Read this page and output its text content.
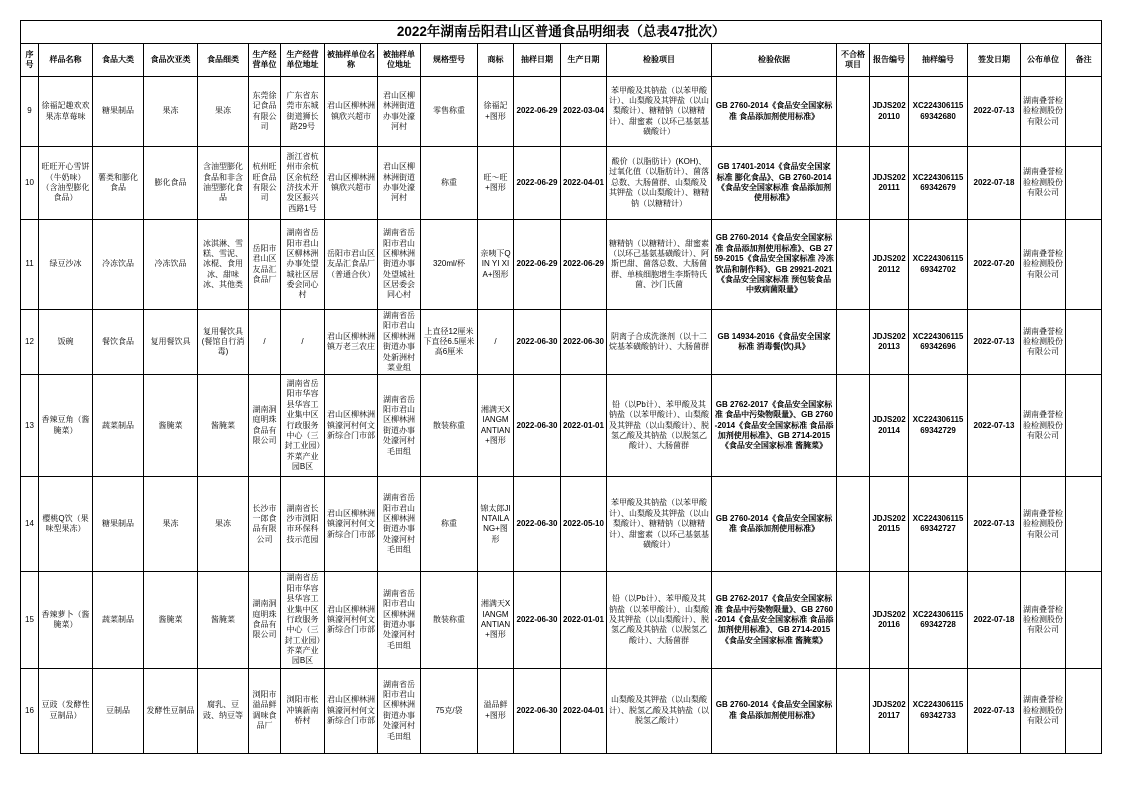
2022年湖南岳阳君山区普通食品明细表（总表47批次）																				
序号	样品名称	食品大类	食品次亚类	食品细类	生产经营单位	生产经营单位地址	被抽样单位名称	被抽样单位地址	规格型号	商标	抽样日期	生产日期	检验项目	检验依据	不合格项目	报告编号	抽样编号	签发日期	公布单位	备注
9	徐福記趣欢欢果冻草莓味	糖果制品	果冻	果冻	东莞徐记食品有限公司	广东省东莞市东城街道狮长路29号	君山区柳林洲镇欣兴超市	君山区柳林洲街道办事处濠河村	零售称重	徐福記+图形	2022-06-29	2022-03-04	苯甲酸及其钠盐（以苯甲酸计）、山梨酸及其钾盐（以山梨酸计）、糖精钠（以糖精计）、甜蜜素（以环己基氨基磺酸计）	GB 2760-2014《食品安全国家标准 食品添加剂使用标准》		JDJS20220110	XC22430611569342680	2022-07-13	湖南叠誉检验检测股份有限公司	
10	旺旺开心雪饼（牛奶味）（含油型膨化食品）	薯类和膨化食品	膨化食品	含油型膨化食品和非含油型膨化食品	杭州旺旺食品有限公司	浙江省杭州市余杭区余杭经济技术开发区振兴西路1号	君山区柳林洲镇欣兴超市	君山区柳林洲街道办事处濠河村	称重	旺～旺+图形	2022-06-29	2022-04-01	酸价（以脂肪计）(KOH)、过氧化值（以脂肪计）、菌落总数、大肠菌群、山梨酸及其钾盐（以山梨酸计）、糖精钠（以糖精计）	GB 17401-2014《食品安全国家标准 膨化食品》、GB 2760-2014《食品安全国家标准 食品添加剂使用标准》		JDJS20220111	XC22430611569342679	2022-07-18	湖南叠誉检验检测股份有限公司	
11	绿豆沙冰	冷冻饮品	冷冻饮品	冰淇淋、雪糕、雪泥、冰棍、食用冰、甜味冰、其他类	岳阳市君山区友品汇食品厂	湖南省岳阳市君山区柳林洲办事处望城社区居委会同心村	岳阳市君山区友品汇食品厂（普通合伙）	湖南省岳阳市君山区柳林洲街道办事处望城社区居委会同心村	320ml/杯	亲咦下QIN YI XIA+图形	2022-06-29	2022-06-29	糖精钠（以糖精计）、甜蜜素（以环己基氨基磺酸计）、阿斯巴甜、菌落总数、大肠菌群、单核细胞增生李斯特氏菌、沙门氏菌	GB 2760-2014《食品安全国家标准 食品添加剂使用标准》、GB 2759-2015《食品安全国家标准 冷冻饮品和制作料》、GB 29921-2021《食品安全国家标准 预包装食品中致病菌限量》		JDJS20220112	XC22430611569342702	2022-07-20	湖南叠誉检验检测股份有限公司	
12	饭碗	餐饮食品	复用餐饮具	复用餐饮具(餐馆自行消毒)	/	/	君山区柳林洲镇万老三农庄	湖南省岳阳市君山区柳林洲街道办事处新洲村菜业组	上直径12厘米下直径6.5厘米高6厘米	/	2022-06-30	2022-06-30	阴离子合成洗涤剂（以十二烷基苯磺酸钠计）、大肠菌群	GB 14934-2016《食品安全国家标准 消毒餐(饮)具》		JDJS20220113	XC22430611569342696	2022-07-13	湖南叠誉检验检测股份有限公司	
13	香辣豆角（酱腌菜）	蔬菜制品	酱腌菜	酱腌菜	湖南洞庭明珠食品有限公司	湖南省岳阳市华容县华容工业集中区行政服务中心（三封工业园）芥菜产业园B区	君山区柳林洲镇濠河村何文新综合门市部	湖南省岳阳市君山区柳林洲街道办事处濠河村毛田组	散装称重	湘满天XIANGMANTIAN+图形	2022-06-30	2022-01-01	铅（以Pb计）、苯甲酸及其钠盐（以苯甲酸计）、山梨酸及其钾盐（以山梨酸计）、脱氢乙酸及其钠盐（以脱氢乙酸计）、大肠菌群	GB 2762-2017《食品安全国家标准 食品中污染物限量》、GB 2760-2014《食品安全国家标准 食品添加剂使用标准》、GB 2714-2015《食品安全国家标准 酱腌菜》		JDJS20220114	XC22430611569342729	2022-07-13	湖南叠誉检验检测股份有限公司	
14	樱桃Q饮（果味型果冻）	糖果制品	果冻	果冻	长沙市一郎食品有限公司	湖南省长沙市浏阳市环保科技示范园	君山区柳林洲镇濠河村何文新综合门市部	湖南省岳阳市君山区柳林洲街道办事处濠河村毛田组	称重	锦太郎JINTAILANG+图形	2022-06-30	2022-05-10	苯甲酸及其钠盐（以苯甲酸计）、山梨酸及其钾盐（以山梨酸计）、糖精钠（以糖精计）、甜蜜素（以环己基氨基磺酸计）	GB 2760-2014《食品安全国家标准 食品添加剂使用标准》		JDJS20220115	XC22430611569342727	2022-07-13	湖南叠誉检验检测股份有限公司	
15	香辣萝卜（酱腌菜）	蔬菜制品	酱腌菜	酱腌菜	湖南洞庭明珠食品有限公司	湖南省岳阳市华容县华容工业集中区行政服务中心（三封工业园）芥菜产业园B区	君山区柳林洲镇濠河村何文新综合门市部	湖南省岳阳市君山区柳林洲街道办事处濠河村毛田组	散装称重	湘满天XIANGMANTIAN+图形	2022-06-30	2022-01-01	铅（以Pb计）、苯甲酸及其钠盐（以苯甲酸计）、山梨酸及其钾盐（以山梨酸计）、脱氢乙酸及其钠盐（以脱氢乙酸计）、大肠菌群	GB 2762-2017《食品安全国家标准 食品中污染物限量》、GB 2760-2014《食品安全国家标准 食品添加剂使用标准》、GB 2714-2015《食品安全国家标准 酱腌菜》		JDJS20220116	XC22430611569342728	2022-07-18	湖南叠誉检验检测股份有限公司	
16	豆豉（发酵性豆制品）	豆制品	发酵性豆制品	腐乳、豆豉、纳豆等	浏阳市溢品鲜调味食品厂	浏阳市枨冲镇新南桥村	君山区柳林洲镇濠河村何文新综合门市部	湖南省岳阳市君山区柳林洲街道办事处濠河村毛田组	75克/袋	溢品鲜+图形	2022-06-30	2022-04-01	山梨酸及其钾盐（以山梨酸计）、脱氢乙酸及其钠盐（以脱氢乙酸计）	GB 2760-2014《食品安全国家标准 食品添加剂使用标准》		JDJS20220117	XC22430611569342733	2022-07-13	湖南叠誉检验检测股份有限公司	
